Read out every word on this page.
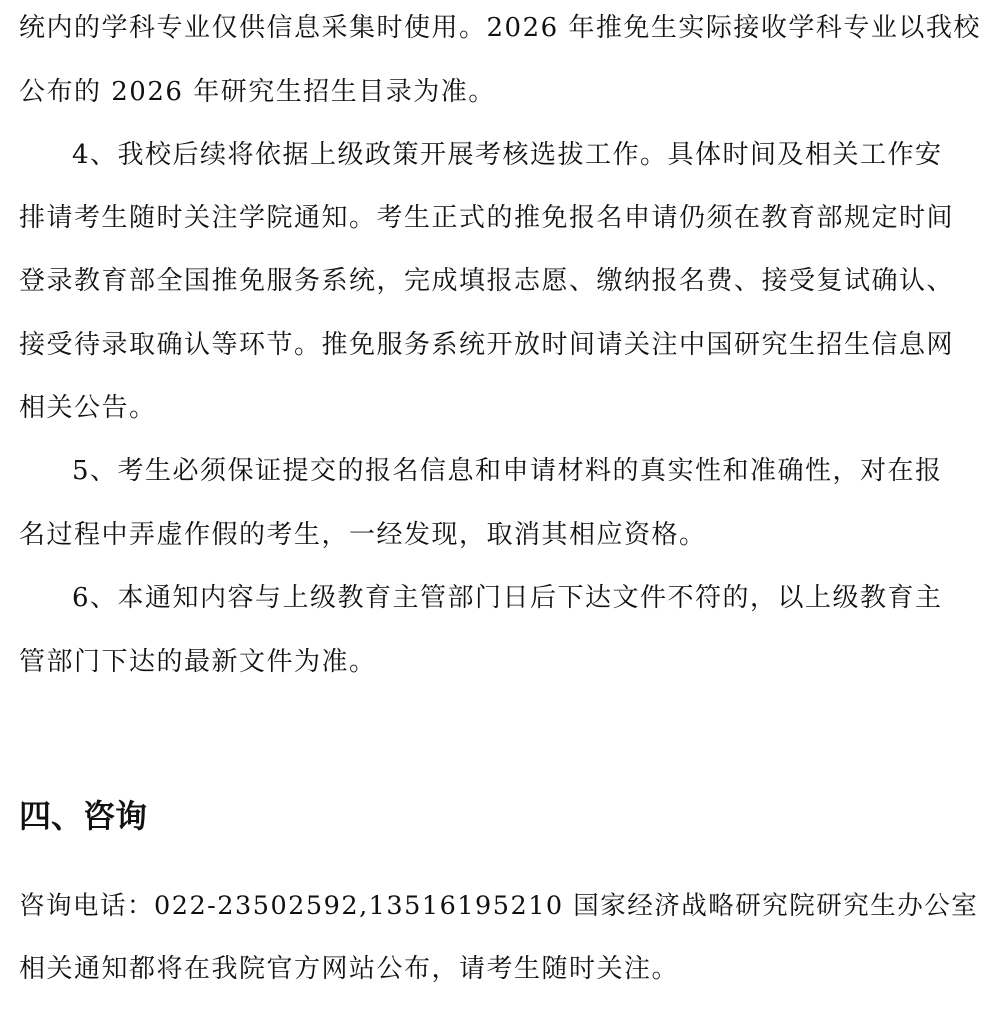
统内的学科专业仅供信息采集时使用。2026 年推免生实际接收学科专业以我校
公布的 2026 年研究生招生目录为准。
4、我校后续将依据上级政策开展考核选拔工作。具体时间及相关工作安
排请考生随时关注学院通知。考生正式的推免报名申请仍须在教育部规定时间
登录教育部全国推免服务系统，完成填报志愿、缴纳报名费、接受复试确认、
接受待录取确认等环节。推免服务系统开放时间请关注中国研究生招生信息网
相关公告。
5、考生必须保证提交的报名信息和申请材料的真实性和准确性，对在报
名过程中弄虚作假的考生，一经发现，取消其相应资格。
6、本通知内容与上级教育主管部门日后下达文件不符的，以上级教育主
管部门下达的最新文件为准。
四、咨询
咨询电话：022-23502592,13516195210 国家经济战略研究院研究生办公室
相关通知都将在我院官方网站公布，请考生随时关注。
